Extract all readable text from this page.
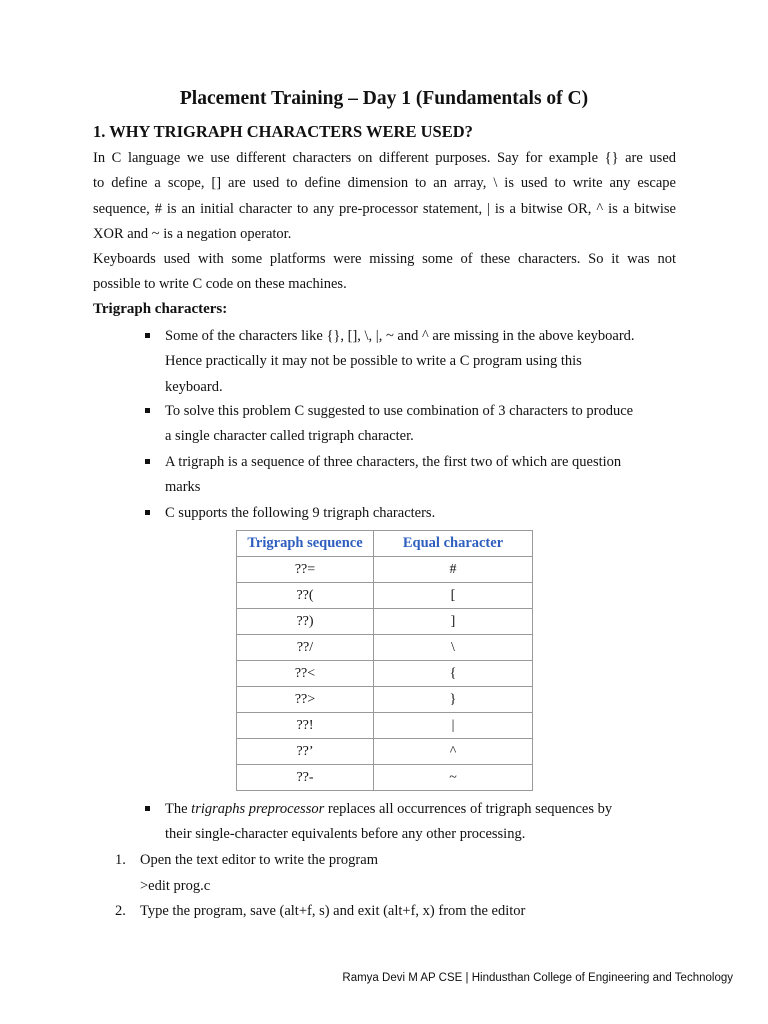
Placement Training – Day 1 (Fundamentals of C)
1. WHY TRIGRAPH CHARACTERS WERE USED?
In C language we use different characters on different purposes. Say for example {} are used
to define a scope, [] are used to define dimension to an array, \ is used to write any escape
sequence, # is an initial character to any pre-processor statement, | is a bitwise OR, ^ is a bitwise
XOR and ~ is a negation operator.
Keyboards used with some platforms were missing some of these characters. So it was not
possible to write C code on these machines.
Trigraph characters:
Some of the characters like {}, [], \, |, ~ and ^ are missing in the above keyboard.
Hence practically it may not be possible to write a C program using this
keyboard.
To solve this problem C suggested to use combination of 3 characters to produce
a single character called trigraph character.
A trigraph is a sequence of three characters, the first two of which are question
marks
C supports the following 9 trigraph characters.
Trigraph sequence	Equal character
??=	#
??(	[
??)	]
??/	\
??<	{
??>	}
??!	|
??’	^
??-	~
The trigraphs preprocessor replaces all occurrences of trigraph sequences by
their single-character equivalents before any other processing.
1. Open the text editor to write the program
>edit prog.c
2. Type the program, save (alt+f, s) and exit (alt+f, x) from the editor
Ramya Devi M AP CSE | Hindusthan College of Engineering and Technology
